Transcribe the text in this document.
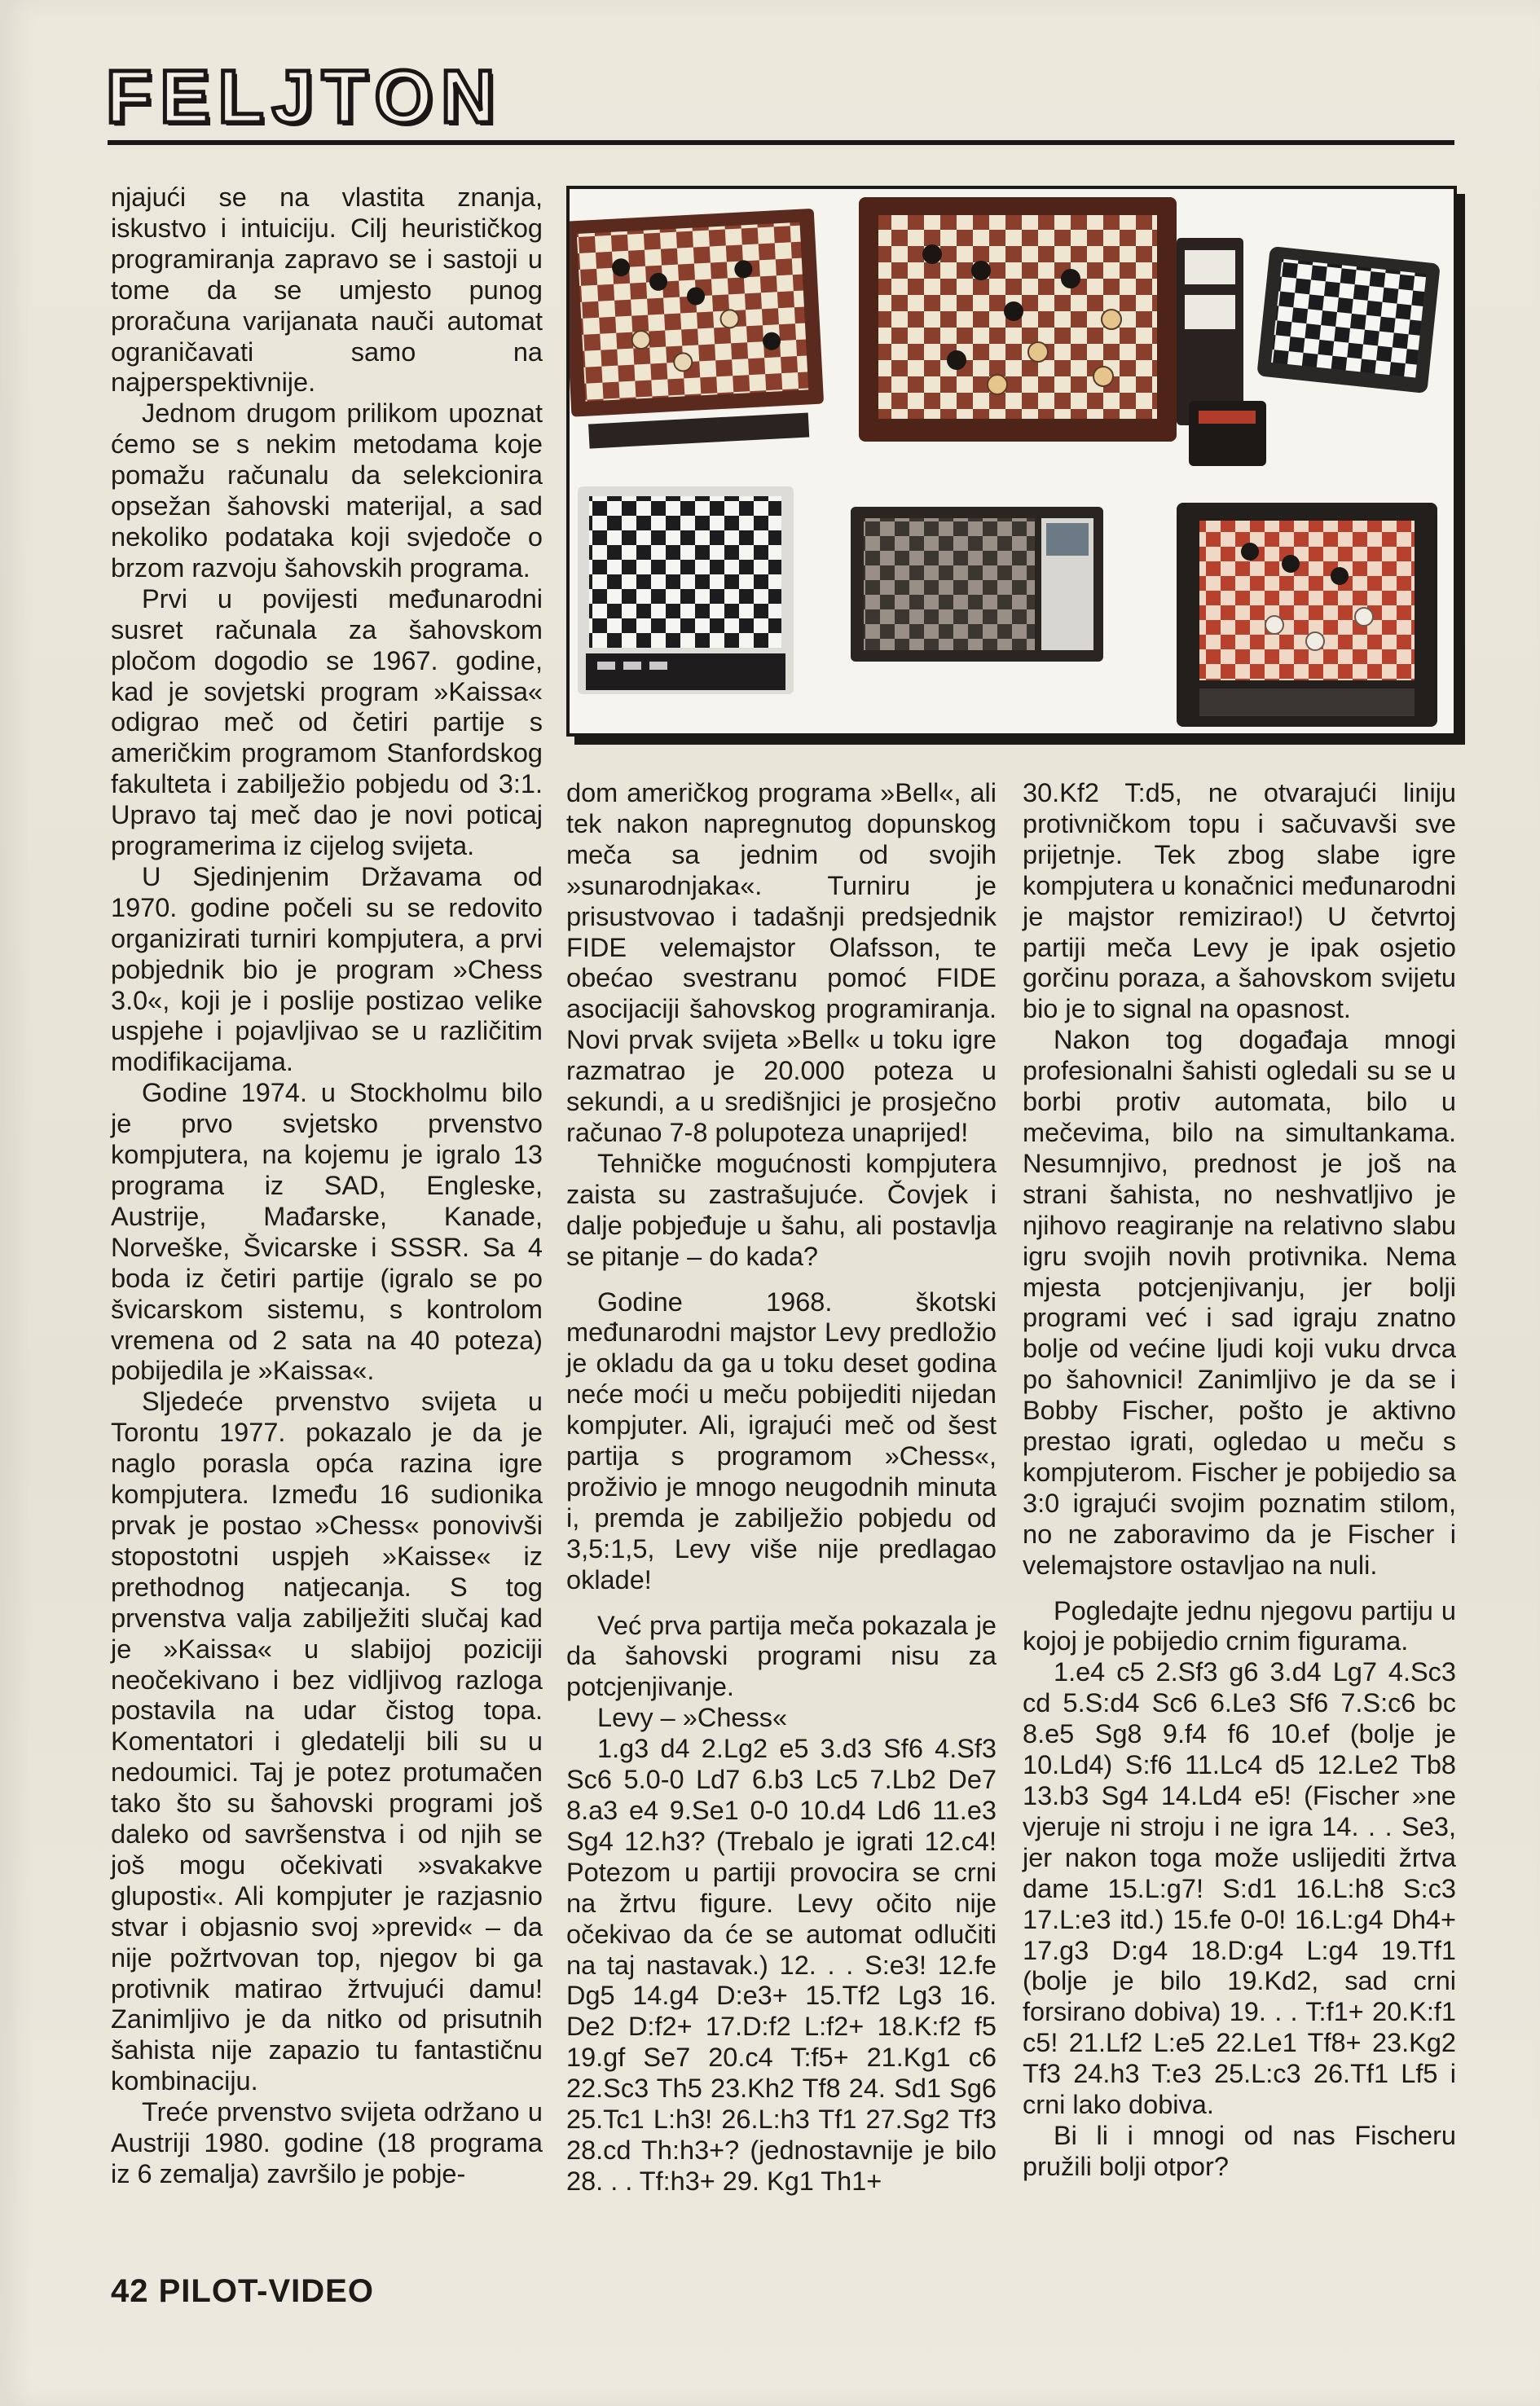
FELJTON

njajući se na vlastita znanja, iskustvo i intuiciju. Cilj heurističkog programiranja zapravo se i sastoji u tome da se umjesto punog proračuna varijanata nauči automat ograničavati samo na najperspektivnije.

Jednom drugom prilikom upoznat ćemo se s nekim metodama koje pomažu računalu da selekcionira opsežan šahovski materijal, a sad nekoliko podataka koji svjedoče o brzom razvoju šahovskih programa.

Prvi u povijesti međunarodni susret računala za šahovskom pločom dogodio se 1967. godine, kad je sovjetski program »Kaissa« odigrao meč od četiri partije s američkim programom Stanfordskog fakulteta i zabilježio pobjedu od 3:1. Upravo taj meč dao je novi poticaj programerima iz cijelog svijeta.

U Sjedinjenim Državama od 1970. godine počeli su se redovito organizirati turniri kompjutera, a prvi pobjednik bio je program »Chess 3.0«, koji je i poslije postizao velike uspjehe i pojavljivao se u različitim modifikacijama.

Godine 1974. u Stockholmu bilo je prvo svjetsko prvenstvo kompjutera, na kojemu je igralo 13 programa iz SAD, Engleske, Austrije, Mađarske, Kanade, Norveške, Švicarske i SSSR. Sa 4 boda iz četiri partije (igralo se po švicarskom sistemu, s kontrolom vremena od 2 sata na 40 poteza) pobijedila je »Kaissa«.

Sljedeće prvenstvo svijeta u Torontu 1977. pokazalo je da je naglo porasla opća razina igre kompjutera. Između 16 sudionika prvak je postao »Chess« ponovivši stopostotni uspjeh »Kaisse« iz prethodnog natjecanja. S tog prvenstva valja zabilježiti slučaj kad je »Kaissa« u slabijoj poziciji neočekivano i bez vidljivog razloga postavila na udar čistog topa. Komentatori i gledatelji bili su u nedoumici. Taj je potez protumačen tako što su šahovski programi još daleko od savršenstva i od njih se još mogu očekivati »svakakve gluposti«. Ali kompjuter je razjasnio stvar i objasnio svoj »previd« – da nije požrtvovan top, njegov bi ga protivnik matirao žrtvujući damu! Zanimljivo je da nitko od prisutnih šahista nije zapazio tu fantastičnu kombinaciju.

Treće prvenstvo svijeta održano u Austriji 1980. godine (18 programa iz 6 zemalja) završilo je pobje-

dom američkog programa »Bell«, ali tek nakon napregnutog dopunskog meča sa jednim od svojih »sunarodnjaka«. Turniru je prisustvovao i tadašnji predsjednik FIDE velemajstor Olafsson, te obećao svestranu pomoć FIDE asocijaciji šahovskog programiranja. Novi prvak svijeta »Bell« u toku igre razmatrao je 20.000 poteza u sekundi, a u središnjici je prosječno računao 7-8 polupoteza unaprijed!

Tehničke mogućnosti kompjutera zaista su zastrašujuće. Čovjek i dalje pobjeđuje u šahu, ali postavlja se pitanje – do kada?

Godine 1968. škotski međunarodni majstor Levy predložio je okladu da ga u toku deset godina neće moći u meču pobijediti nijedan kompjuter. Ali, igrajući meč od šest partija s programom »Chess«, proživio je mnogo neugodnih minuta i, premda je zabilježio pobjedu od 3,5:1,5, Levy više nije predlagao oklade!

Već prva partija meča pokazala je da šahovski programi nisu za potcjenjivanje.

Levy – »Chess«

1.g3 d4 2.Lg2 e5 3.d3 Sf6 4.Sf3 Sc6 5.0-0 Ld7 6.b3 Lc5 7.Lb2 De7 8.a3 e4 9.Se1 0-0 10.d4 Ld6 11.e3 Sg4 12.h3? (Trebalo je igrati 12.c4! Potezom u partiji provocira se crni na žrtvu figure. Levy očito nije očekivao da će se automat odlučiti na taj nastavak.) 12. . . S:e3! 12.fe Dg5 14.g4 D:e3+ 15.Tf2 Lg3 16. De2 D:f2+ 17.D:f2 L:f2+ 18.K:f2 f5 19.gf Se7 20.c4 T:f5+ 21.Kg1 c6 22.Sc3 Th5 23.Kh2 Tf8 24. Sd1 Sg6 25.Tc1 L:h3! 26.L:h3 Tf1 27.Sg2 Tf3 28.cd Th:h3+? (jednostavnije je bilo 28. . . Tf:h3+ 29. Kg1 Th1+

30.Kf2 T:d5, ne otvarajući liniju protivničkom topu i sačuvavši sve prijetnje. Tek zbog slabe igre kompjutera u konačnici međunarodni je majstor remizirao!) U četvrtoj partiji meča Levy je ipak osjetio gorčinu poraza, a šahovskom svijetu bio je to signal na opasnost.

Nakon tog događaja mnogi profesionalni šahisti ogledali su se u borbi protiv automata, bilo u mečevima, bilo na simultankama. Nesumnjivo, prednost je još na strani šahista, no neshvatljivo je njihovo reagiranje na relativno slabu igru svojih novih protivnika. Nema mjesta potcjenjivanju, jer bolji programi već i sad igraju znatno bolje od većine ljudi koji vuku drvca po šahovnici! Zanimljivo je da se i Bobby Fischer, pošto je aktivno prestao igrati, ogledao u meču s kompjuterom. Fischer je pobijedio sa 3:0 igrajući svojim poznatim stilom, no ne zaboravimo da je Fischer i velemajstore ostavljao na nuli.

Pogledajte jednu njegovu partiju u kojoj je pobijedio crnim figurama.

1.e4 c5 2.Sf3 g6 3.d4 Lg7 4.Sc3 cd 5.S:d4 Sc6 6.Le3 Sf6 7.S:c6 bc 8.e5 Sg8 9.f4 f6 10.ef (bolje je 10.Ld4) S:f6 11.Lc4 d5 12.Le2 Tb8 13.b3 Sg4 14.Ld4 e5! (Fischer »ne vjeruje ni stroju i ne igra 14. . . Se3, jer nakon toga može uslijediti žrtva dame 15.L:g7! S:d1 16.L:h8 S:c3 17.L:e3 itd.) 15.fe 0-0! 16.L:g4 Dh4+ 17.g3 D:g4 18.D:g4 L:g4 19.Tf1 (bolje je bilo 19.Kd2, sad crni forsirano dobiva) 19. . . T:f1+ 20.K:f1 c5! 21.Lf2 L:e5 22.Le1 Tf8+ 23.Kg2 Tf3 24.h3 T:e3 25.L:c3 26.Tf1 Lf5 i crni lako dobiva.

Bi li i mnogi od nas Fischeru pružili bolji otpor?

42 PILOT-VIDEO
